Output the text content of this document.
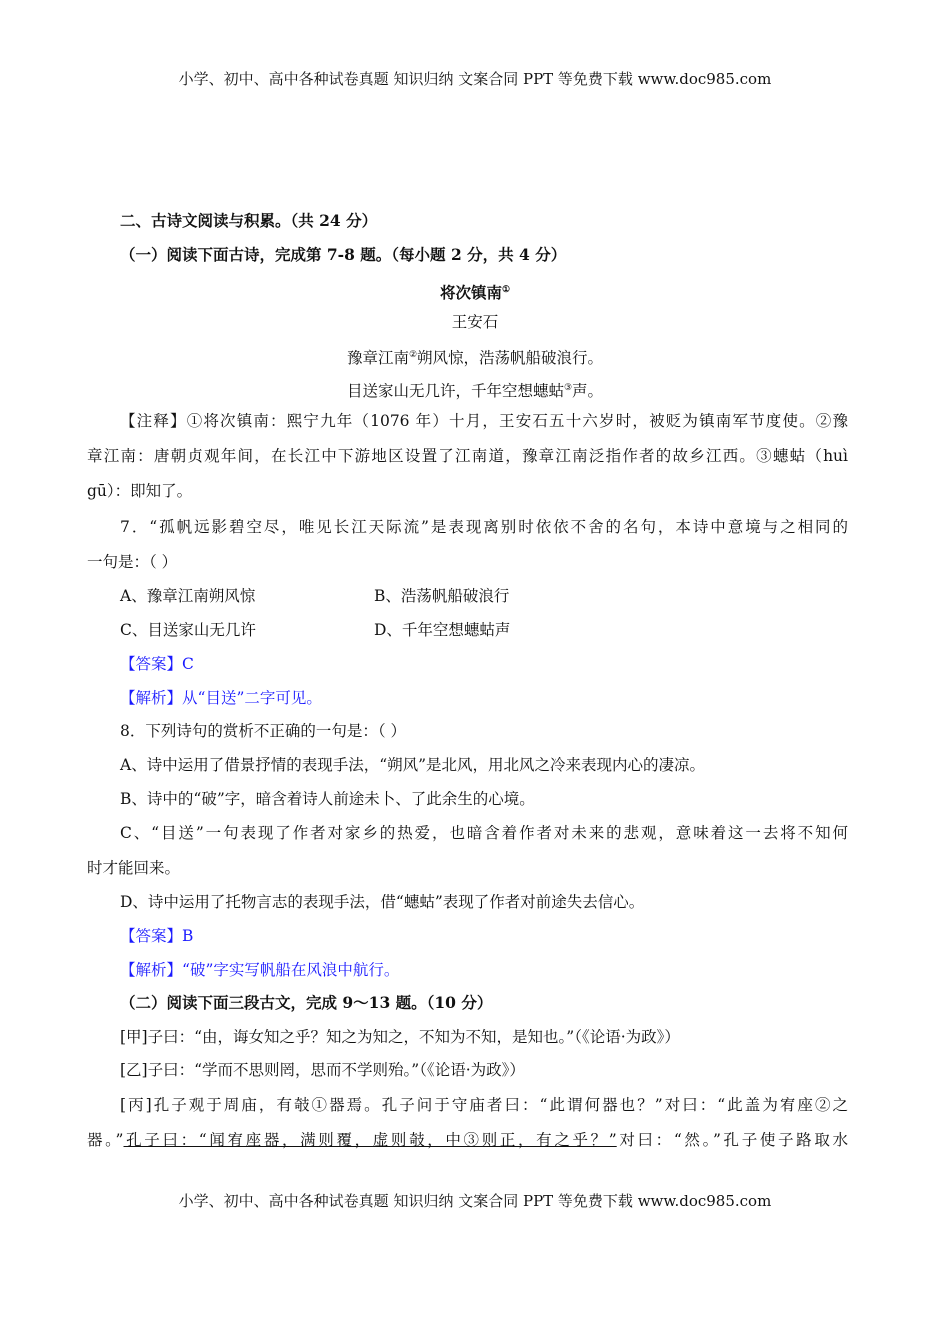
小学、初中、高中各种试卷真题 知识归纳 文案合同 PPT 等免费下载 www.doc985.com
二、古诗文阅读与积累。（共 24 分）
（一）阅读下面古诗，完成第 7-8 题。（每小题 2 分，共 4 分）
将次镇南①
王安石
豫章江南②朔风惊，浩荡帆船破浪行。
目送家山无几许，千年空想蟪蛄③声。
【注释】①将次镇南：熙宁九年（1076 年）十月，王安石五十六岁时，被贬为镇南军节度使。②豫
章江南：唐朝贞观年间，在长江中下游地区设置了江南道，豫章江南泛指作者的故乡江西。③蟪蛄（huì
gū）：即知了。
7．“孤帆远影碧空尽，唯见长江天际流”是表现离别时依依不舍的名句，本诗中意境与之相同的
一句是：（ ）
A、豫章江南朔风惊	B、浩荡帆船破浪行
C、目送家山无几许	D、千年空想蟪蛄声
【答案】C
【解析】从“目送”二字可见。
8．下列诗句的赏析不正确的一句是：（ ）
A、诗中运用了借景抒情的表现手法，“朔风”是北风，用北风之冷来表现内心的凄凉。
B、诗中的“破”字，暗含着诗人前途未卜、了此余生的心境。
C、“目送”一句表现了作者对家乡的热爱，也暗含着作者对未来的悲观，意味着这一去将不知何
时才能回来。
D、诗中运用了托物言志的表现手法，借“蟪蛄”表现了作者对前途失去信心。
【答案】B
【解析】“破”字实写帆船在风浪中航行。
（二）阅读下面三段古文，完成 9～13 题。（10 分）
[甲]子曰：“由，诲女知之乎？知之为知之，不知为不知，是知也。”（《论语·为政》）
[乙]子曰：“学而不思则罔，思而不学则殆。”（《论语·为政》）
[丙]孔子观于周庙，有攲①器焉。孔子问于守庙者曰：“此谓何器也？”对曰：“此盖为宥座②之
器。”孔子曰：“闻宥座器，满则覆，虚则攲，中③则正，有之乎？”对曰：“然。”孔子使子路取水
小学、初中、高中各种试卷真题 知识归纳 文案合同 PPT 等免费下载 www.doc985.com
